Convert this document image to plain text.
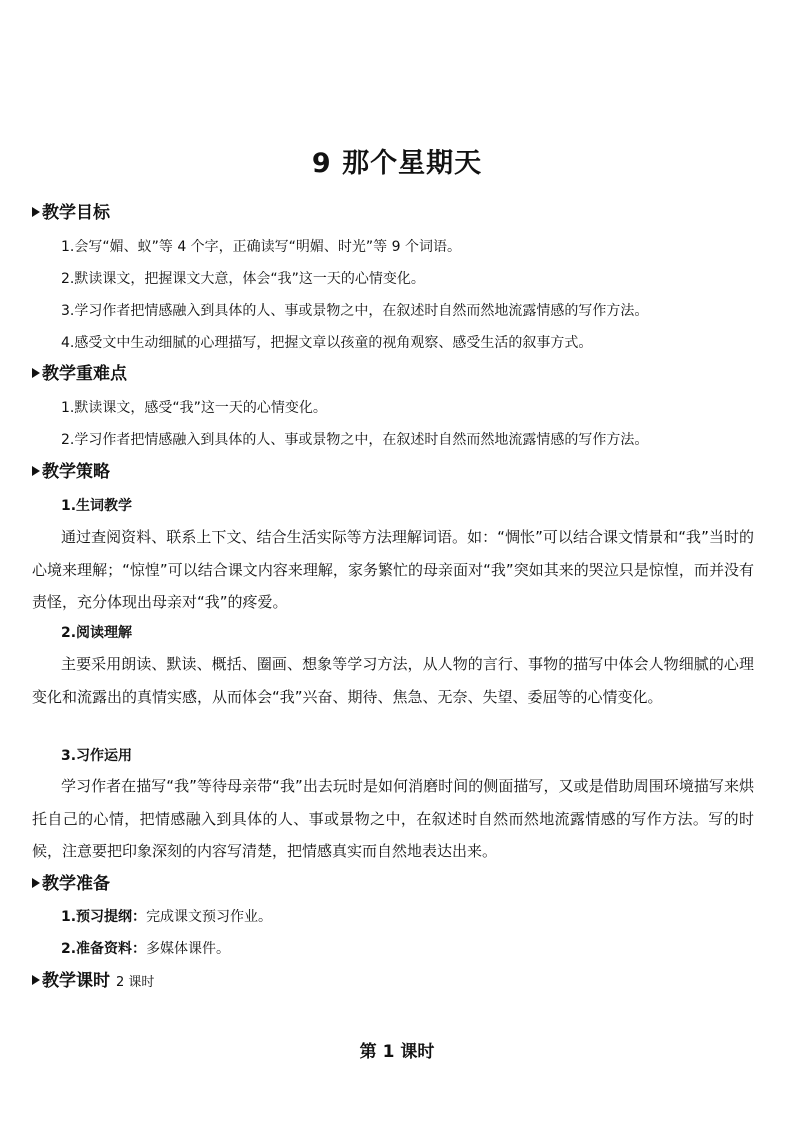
9 那个星期天
教学目标
1.会写“媚、蚁”等 4 个字，正确读写“明媚、时光”等 9 个词语。
2.默读课文，把握课文大意，体会“我”这一天的心情变化。
3.学习作者把情感融入到具体的人、事或景物之中，在叙述时自然而然地流露情感的写作方法。
4.感受文中生动细腻的心理描写，把握文章以孩童的视角观察、感受生活的叙事方式。
教学重难点
1.默读课文，感受“我”这一天的心情变化。
2.学习作者把情感融入到具体的人、事或景物之中，在叙述时自然而然地流露情感的写作方法。
教学策略
1.生词教学

通过查阅资料、联系上下文、结合生活实际等方法理解词语。如：“惆怅”可以结合课文情景和“我”当时的心境来理解；“惊惶”可以结合课文内容来理解，家务繁忙的母亲面对“我”突如其来的哭泣只是惊惶，而并没有责怪，充分体现出母亲对“我”的疼爱。

2.阅读理解

主要采用朗读、默读、概括、圈画、想象等学习方法，从人物的言行、事物的描写中体会人物细腻的心理变化和流露出的真情实感，从而体会“我”兴奋、期待、焦急、无奈、失望、委屈等的心情变化。

3.习作运用

学习作者在描写“我”等待母亲带“我”出去玩时是如何消磨时间的侧面描写，又或是借助周围环境描写来烘托自己的心情，把情感融入到具体的人、事或景物之中，在叙述时自然而然地流露情感的写作方法。写的时候，注意要把印象深刻的内容写清楚，把情感真实而自然地表达出来。

教学准备
1.预习提纲：完成课文预习作业。
2.准备资料：多媒体课件。
教学课时 2 课时
第 1 课时
